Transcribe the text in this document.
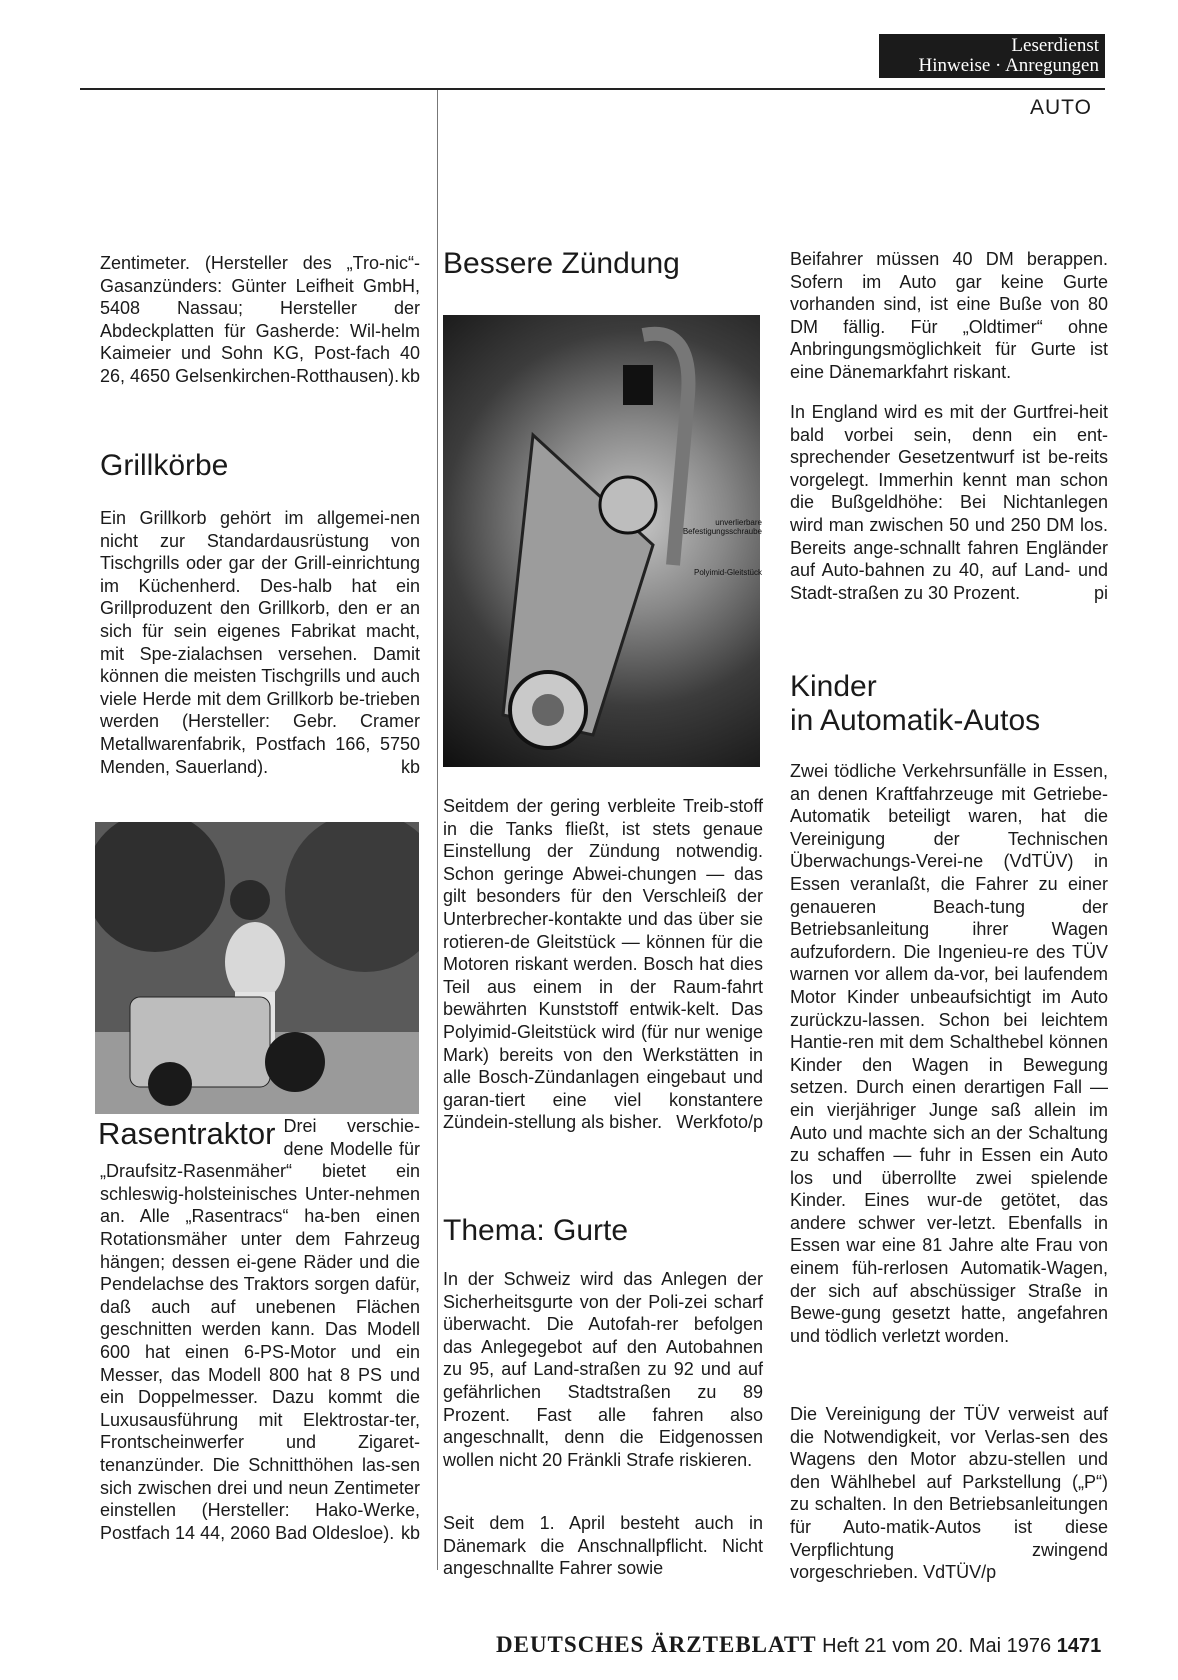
Leserdienst
Hinweise · Anregungen
AUTO

Zentimeter. (Hersteller des „Tro-nic“-Gasanzünders: Günter Leifheit GmbH, 5408 Nassau; Hersteller der Abdeckplatten für Gasherde: Wil-helm Kaimeier und Sohn KG, Post-fach 40 26, 4650 Gelsenkirchen-Rotthausen). kb

Grillkörbe

Ein Grillkorb gehört im allgemei-nen nicht zur Standardausrüstung von Tischgrills oder gar der Grill-einrichtung im Küchenherd. Des-halb hat ein Grillproduzent den Grillkorb, den er an sich für sein eigenes Fabrikat macht, mit Spe-zialachsen versehen. Damit können die meisten Tischgrills und auch viele Herde mit dem Grillkorb be-trieben werden (Hersteller: Gebr. Cramer Metallwarenfabrik, Postfach 166, 5750 Menden, Sauerland).	kb

Rasentraktor Drei verschie-dene Modelle für „Draufsitz-Rasenmäher“ bietet ein schleswig-holsteinisches Unter-nehmen an. Alle „Rasentracs“ ha-ben einen Rotationsmäher unter dem Fahrzeug hängen; dessen ei-gene Räder und die Pendelachse des Traktors sorgen dafür, daß auch auf unebenen Flächen geschnitten werden kann. Das Modell 600 hat einen 6-PS-Motor und ein Messer, das Modell 800 hat 8 PS und ein Doppelmesser. Dazu kommt die Luxusausführung mit Elektrostar-ter, Frontscheinwerfer und Zigaret-tenanzünder. Die Schnitthöhen las-sen sich zwischen drei und neun Zentimeter einstellen (Hersteller: Hako-Werke, Postfach 14 44, 2060 Bad Oldesloe). kb

Bessere Zündung
unverlierbare Befestigungsschraube
Polyimid-Gleitstück

Seitdem der gering verbleite Treib-stoff in die Tanks fließt, ist stets genaue Einstellung der Zündung notwendig. Schon geringe Abwei-chungen — das gilt besonders für den Verschleiß der Unterbrecher-kontakte und das über sie rotieren-de Gleitstück — können für die Motoren riskant werden. Bosch hat dies Teil aus einem in der Raum-fahrt bewährten Kunststoff entwik-kelt. Das Polyimid-Gleitstück wird (für nur wenige Mark) bereits von den Werkstätten in alle Bosch-Zündanlagen eingebaut und garan-tiert eine viel konstantere Zündein-stellung als bisher. Werkfoto/p

Thema: Gurte
In der Schweiz wird das Anlegen der Sicherheitsgurte von der Poli-zei scharf überwacht. Die Autofah-rer befolgen das Anlegegebot auf den Autobahnen zu 95, auf Land-straßen zu 92 und auf gefährlichen Stadtstraßen zu 89 Prozent. Fast alle fahren also angeschnallt, denn die Eidgenossen wollen nicht 20 Fränkli Strafe riskieren.
Seit dem 1. April besteht auch in Dänemark die Anschnallpflicht. Nicht angeschnallte Fahrer sowie
Beifahrer müssen 40 DM berappen. Sofern im Auto gar keine Gurte vorhanden sind, ist eine Buße von 80 DM fällig. Für „Oldtimer“ ohne Anbringungsmöglichkeit für Gurte ist eine Dänemarkfahrt riskant.

In England wird es mit der Gurtfrei-heit bald vorbei sein, denn ein ent-sprechender Gesetzentwurf ist be-reits vorgelegt. Immerhin kennt man schon die Bußgeldhöhe: Bei Nichtanlegen wird man zwischen 50 und 250 DM los. Bereits ange-schnallt fahren Engländer auf Auto-bahnen zu 40, auf Land- und Stadt-straßen zu 30 Prozent.	pi

Kinder
in Automatik-Autos
Zwei tödliche Verkehrsunfälle in Essen, an denen Kraftfahrzeuge mit Getriebe-Automatik beteiligt waren, hat die Vereinigung der Technischen Überwachungs-Verei-ne (VdTÜV) in Essen veranlaßt, die Fahrer zu einer genaueren Beach-tung der Betriebsanleitung ihrer Wagen aufzufordern. Die Ingenieu-re des TÜV warnen vor allem da-vor, bei laufendem Motor Kinder unbeaufsichtigt im Auto zurückzu-lassen. Schon bei leichtem Hantie-ren mit dem Schalthebel können Kinder den Wagen in Bewegung setzen. Durch einen derartigen Fall — ein vierjähriger Junge saß allein im Auto und machte sich an der Schaltung zu schaffen — fuhr in Essen ein Auto los und überrollte zwei spielende Kinder. Eines wur-de getötet, das andere schwer ver-letzt. Ebenfalls in Essen war eine 81 Jahre alte Frau von einem füh-rerlosen Automatik-Wagen, der sich auf abschüssiger Straße in Bewe-gung gesetzt hatte, angefahren und tödlich verletzt worden.

Die Vereinigung der TÜV verweist auf die Notwendigkeit, vor Verlas-sen des Wagens den Motor abzu-stellen und den Wählhebel auf Parkstellung („P“) zu schalten. In den Betriebsanleitungen für Auto-matik-Autos ist diese Verpflichtung zwingend vorgeschrieben. VdTÜV/p

DEUTSCHES ÄRZTEBLATT Heft 21 vom 20. Mai 1976 1471
